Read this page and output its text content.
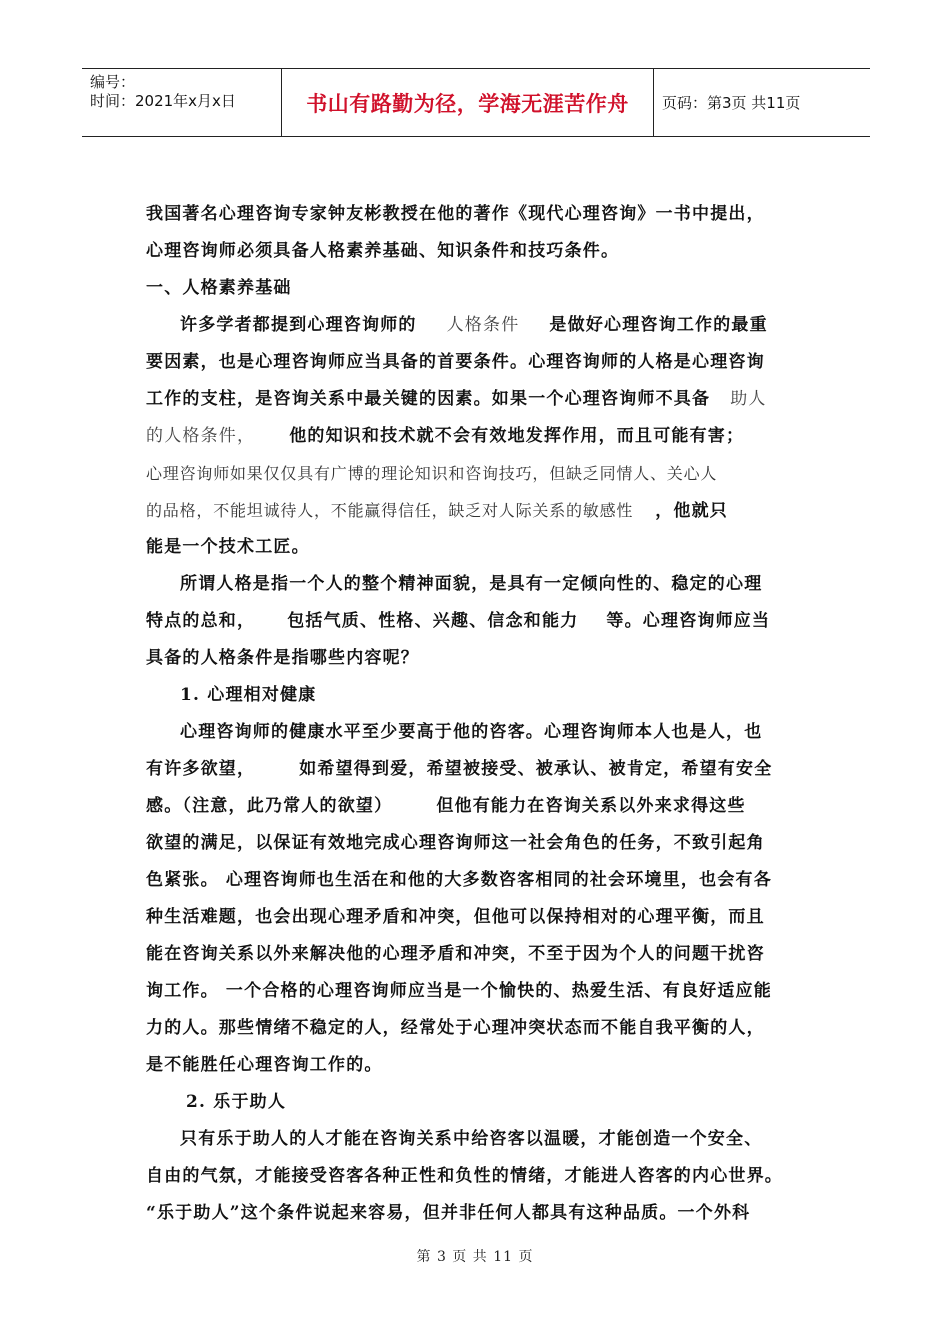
编号：
时间：2021年x月x日	书山有路勤为径，学海无涯苦作舟	页码：第3页 共11页
我国著名心理咨询专家钟友彬教授在他的著作《现代心理咨询》一书中提出，
心理咨询师必须具备人格素养基础、知识条件和技巧条件。
一、人格素养基础
许多学者都提到心理咨询师的 人格条件 是做好心理咨询工作的最重
要因素，也是心理咨询师应当具备的首要条件。心理咨询师的人格是心理咨询
工作的支柱，是咨询关系中最关键的因素。如果一个心理咨询师不具备 助人
的人格条件， 他的知识和技术就不会有效地发挥作用，而且可能有害；
心理咨询师如果仅仅具有广博的理论知识和咨询技巧，但缺乏同情人、关心人
的品格，不能坦诚待人，不能赢得信任，缺乏对人际关系的敏感性 ，他就只
能是一个技术工匠。
所谓人格是指一个人的整个精神面貌，是具有一定倾向性的、稳定的心理
特点的总和， 包括气质、性格、兴趣、信念和能力 等。心理咨询师应当
具备的人格条件是指哪些内容呢？
1. 心理相对健康
心理咨询师的健康水平至少要高于他的咨客。心理咨询师本人也是人，也
有许多欲望，	如希望得到爱，希望被接受、被承认、被肯定，希望有安全
感。（注意，此乃常人的欲望）	但他有能力在咨询关系以外来求得这些
欲望的满足，以保证有效地完成心理咨询师这一社会角色的任务，不致引起角
色紧张。 心理咨询师也生活在和他的大多数咨客相同的社会环境里，也会有各
种生活难题，也会出现心理矛盾和冲突，但他可以保持相对的心理平衡，而且
能在咨询关系以外来解决他的心理矛盾和冲突，不至于因为个人的问题干扰咨
询工作。 一个合格的心理咨询师应当是一个愉快的、热爱生活、有良好适应能
力的人。那些情绪不稳定的人，经常处于心理冲突状态而不能自我平衡的人，
是不能胜任心理咨询工作的。
2. 乐于助人
只有乐于助人的人才能在咨询关系中给咨客以温暖，才能创造一个安全、
自由的气氛，才能接受咨客各种正性和负性的情绪，才能进人咨客的内心世界。
“乐于助人”这个条件说起来容易，但并非任何人都具有这种品质。一个外科
第 3 页 共 11 页
